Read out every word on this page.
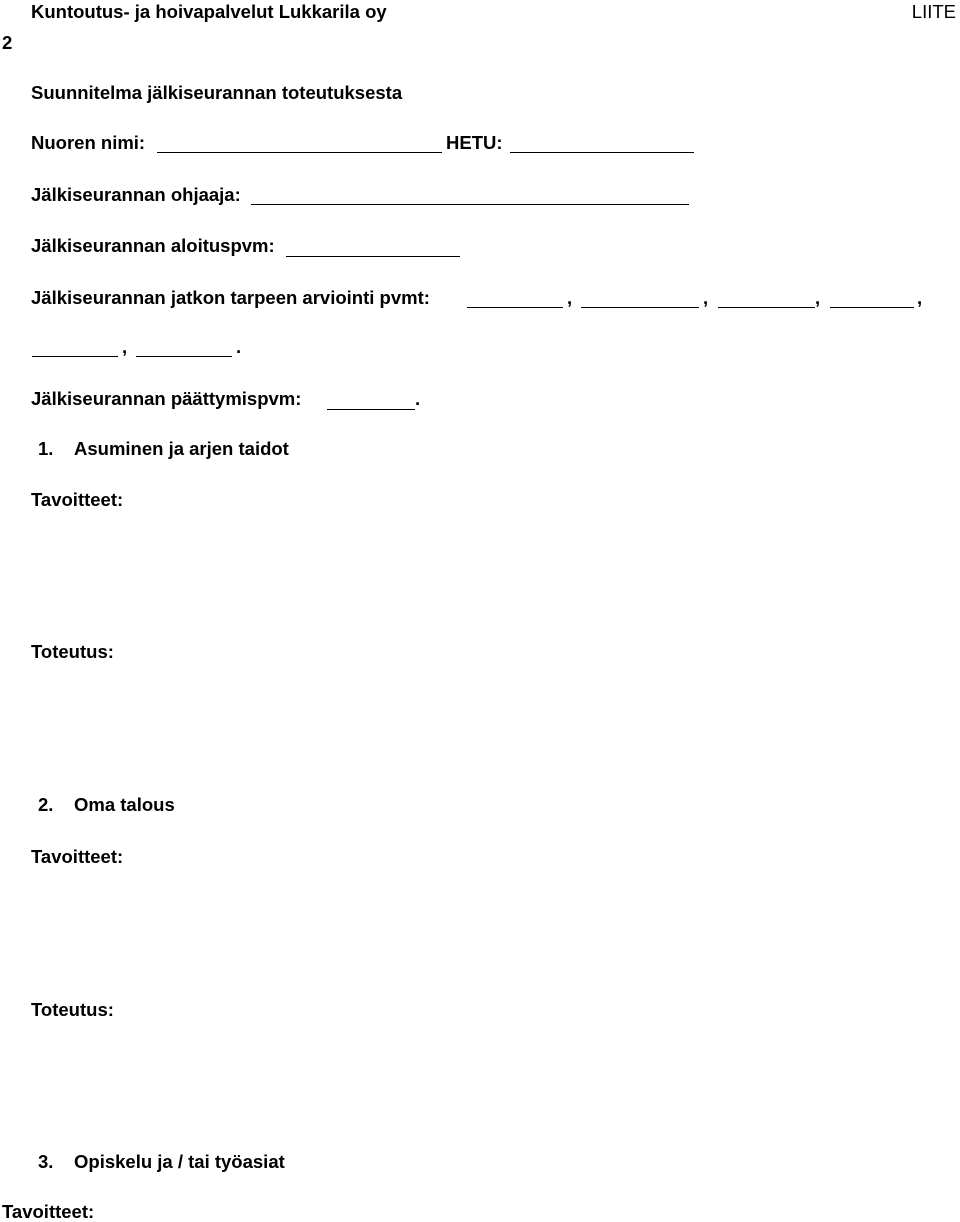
Kuntoutus- ja hoivapalvelut Lukkarila oy	LIITE
2
Suunnitelma jälkiseurannan toteutuksesta
Nuoren nimi:	HETU:
Jälkiseurannan ohjaaja:
Jälkiseurannan aloituspvm:
Jälkiseurannan jatkon tarpeen arviointi pvmt:	,	,	,	,
,	.
Jälkiseurannan päättymispvm:	.
1. Asuminen ja arjen taidot
Tavoitteet:
Toteutus:
2. Oma talous
Tavoitteet:
Toteutus:
3. Opiskelu ja / tai työasiat
Tavoitteet:
